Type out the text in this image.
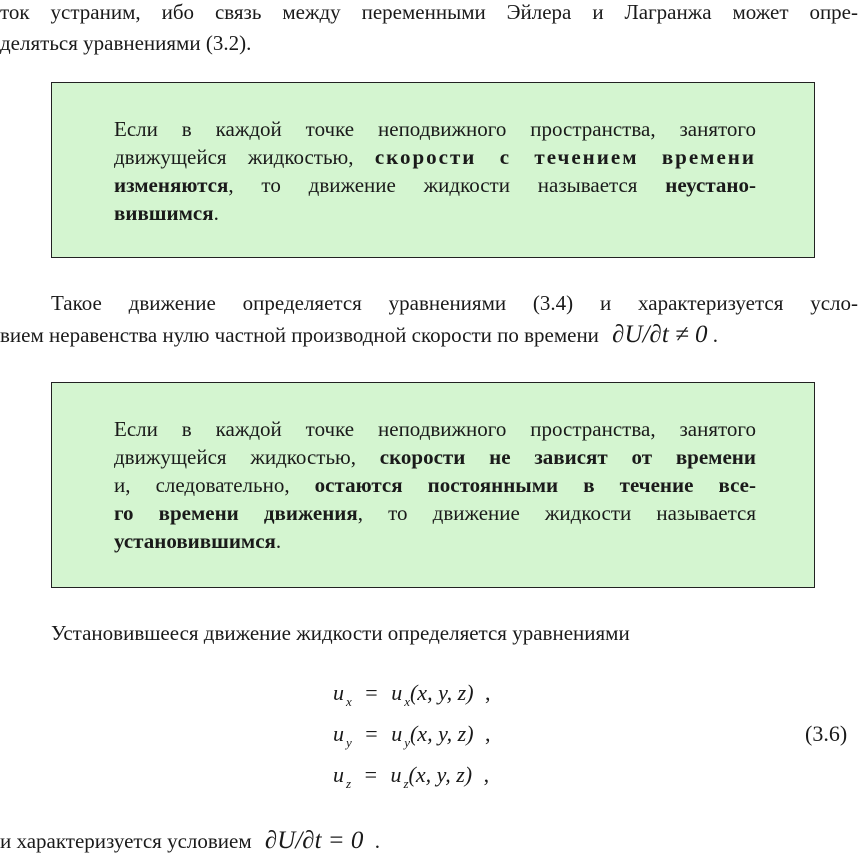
ток устраним, ибо связь между переменными Эйлера и Лагранжа может опре-
деляться уравнениями (3.2).
Если в каждой точке неподвижного пространства, занятого
движущейся жидкостью, скорости с течением времени
изменяются, то движение жидкости называется неустано-
вившимся.
Такое движение определяется уравнениями (3.4) и характеризуется усло-
вием неравенства нулю частной производной скорости по времени ∂U/∂t ≠ 0 .
Если в каждой точке неподвижного пространства, занятого
движущейся жидкостью, скорости не зависят от времени
и, следовательно, остаются постоянными в течение все-
го времени движения, то движение жидкости называется
установившимся.
Установившееся движение жидкости определяется уравнениями
u $_x$ = u $_x$(x, y, z) ,
u $_y$ = u $_y$(x, y, z) ,
u $_z$ = u $_z$(x, y, z) ,
(3.6)
и характеризуется условием ∂U/∂t = 0 .
